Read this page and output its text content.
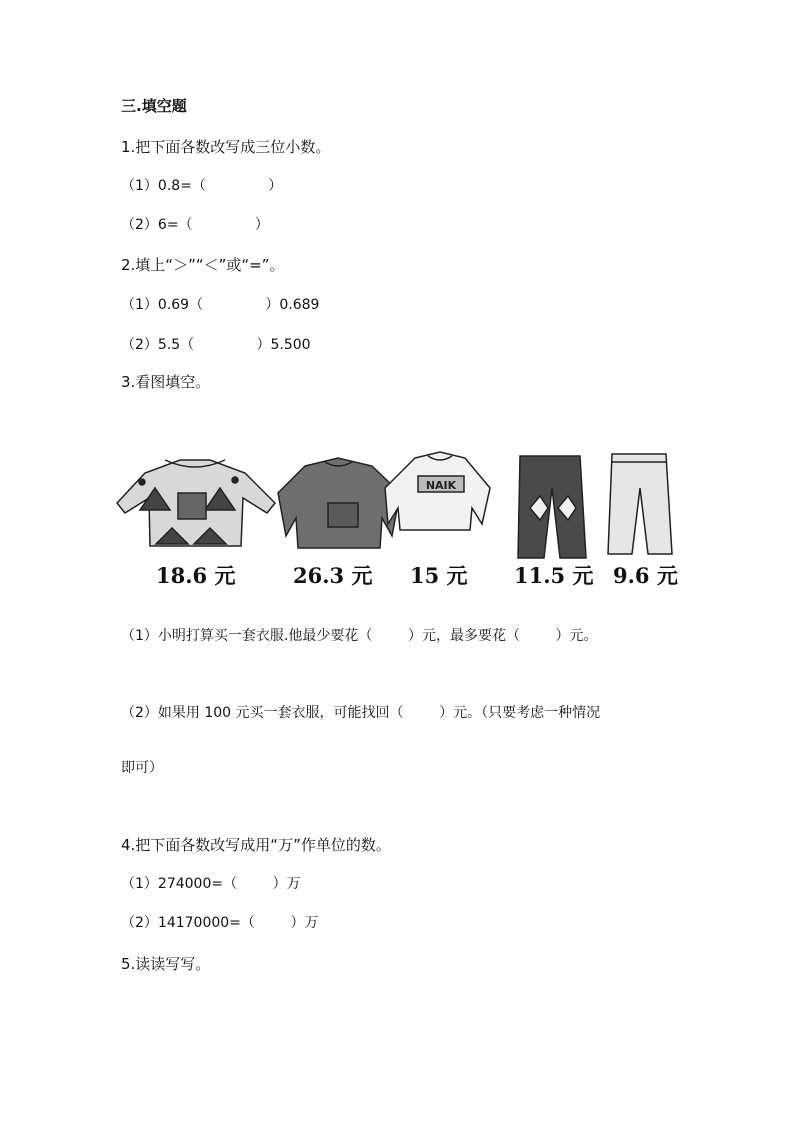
三.填空题
1.把下面各数改写成三位小数。
（1）0.8=（              ）
（2）6=（              ）
2.填上“＞”“＜”或“=”。
（1）0.69（              ）0.689
（2）5.5（              ）5.500
3.看图填空。
NAIK
18.6 元	26.3 元 15 元 11.5 元 9.6 元
（1）小明打算买一套衣服.他最少要花（        ）元，最多要花（        ）元。
（2）如果用 100 元买一套衣服，可能找回（        ）元。（只要考虑一种情况
即可）
4.把下面各数改写成用“万”作单位的数。
（1）274000=（        ）万
（2）14170000=（        ）万
5.读读写写。
